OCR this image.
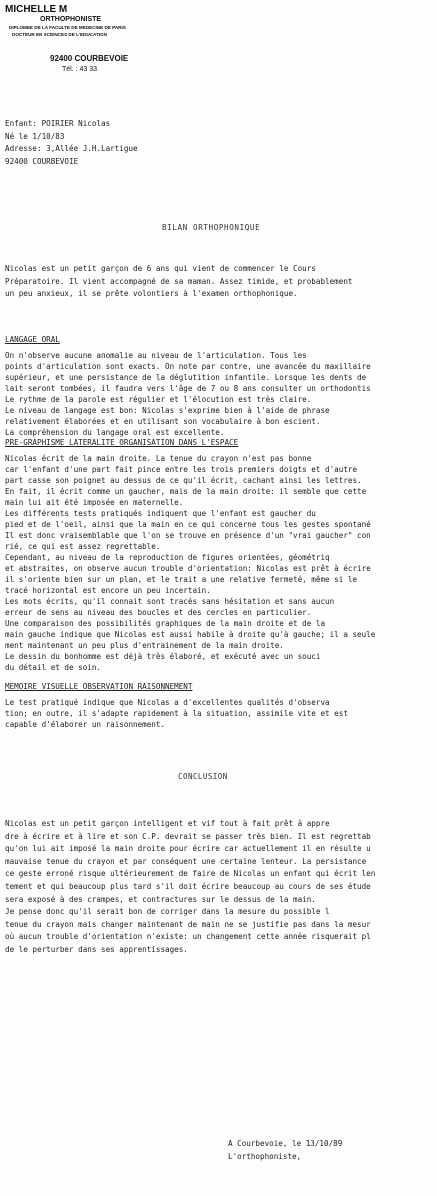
MICHELLE M
ORTHOPHONISTE
DIPLOMEE DE LA FACULTE DE MEDECINE DE PARIS
DOCTEUR EN SCIENCES DE L'EDUCATION
92400 COURBEVOIE
Tél. : 43 33
Enfant: POIRIER Nicolas
Né le 1/10/83
Adresse: 3,Allée J.H.Lartigue
92400 COURBEVOIE
BILAN ORTHOPHONIQUE
Nicolas est un petit garçon de 6 ans qui vient de commencer le Cours
Préparatoire. Il vient accompagné de sa maman. Assez timide, et probablement
un peu anxieux, il se prête volontiers à l'examen orthophonique.
LANGAGE ORAL
On n'observe aucune anomalie au niveau de l'articulation. Tous les
points d'articulation sont exacts. On note par contre, une avancée du maxillaire
supérieur, et une persistance de la déglutition infantile. Lorsque les dents de
lait seront tombées, il faudra vers l'âge de 7 ou 8 ans consulter un orthodontis
Le rythme de la parole est régulier et l'élocution est très claire.
Le niveau de langage est bon: Nicolas s'exprime bien à l'aide de phrase
relativement élaborées et en utilisant son vocabulaire à bon escient.
La compréhension du langage oral est excellente.
PRE-GRAPHISME LATERALITE ORGANISATION DANS L'ESPACE
Nicolas écrit de la main droite. La tenue du crayon n'est pas bonne
car l'enfant d'une part fait pince entre les trois premiers doigts et d'autre
part casse son poignet au dessus de ce qu'il écrit, cachant ainsi les lettres.
En fait, il écrit comme un gaucher, mais de la main droite: il semble que cette
main lui ait été imposée en maternelle.
Les différents tests pratiqués indiquent que l'enfant est gaucher du
pied et de l'oeil, ainsi que la main en ce qui concerne tous les gestes spontané
Il est donc vraisemblable que l'on se trouve en présence d'un "vrai gaucher" con
rié, ce qui est assez regrettable.
Cependant, au niveau de la reproduction de figures orientées, géométriq
et abstraites, on observe aucun trouble d'orientation: Nicolas est prêt à écrire
il s'oriente bien sur un plan, et le trait a une relative fermeté, même si le
tracé horizontal est encore un peu incertain.
Les mots écrits, qu'il connait sont tracés sans hésitation et sans aucun
erreur de sens au niveau des boucles et des cercles en particulier.
Une comparaison des possibilités graphiques de la main droite et de la
main gauche indique que Nicolas est aussi habile à droite qu'à gauche; il a seule
ment maintenant un peu plus d'entrainement de la main droite.
Le dessin du bonhomme est déjà très élaboré, et exécuté avec un souci
du détail et de soin.
MEMOIRE VISUELLE OBSERVATION RAISONNEMENT
Le test pratiqué indique que Nicolas a d'excellentes qualités d'observa
tion; en outre, il s'adapte rapidement à la situation, assimile vite et est
capable d'élaborer un raisonnement.
CONCLUSION
Nicolas est un petit garçon intelligent et vif tout à fait prêt à appre
dre à écrire et à lire et son C.P. devrait se passer très bien. Il est regrettab
qu'on lui ait imposé la main droite pour écrire car actuellement il en résulte u
mauvaise tenue du crayon et par conséquent une certaine lenteur. La persistance
ce geste erroné risque ultérieurement de faire de Nicolas un enfant qui écrit len
tement et qui beaucoup plus tard s'il doit écrire beaucoup au cours de ses étude
sera exposé à des crampes, et contractures sur le dessus de la main.
Je pense donc qu'il serait bon de corriger dans la mesure du possible l
tenue du crayon mais changer maintenant de main ne se justifie pas dans la mesur
où aucun trouble d'orientation n'existe: un changement cette année risquerait pl
de le perturber dans ses apprentissages.
A Courbevoie, le 13/10/89
L'orthophoniste,
